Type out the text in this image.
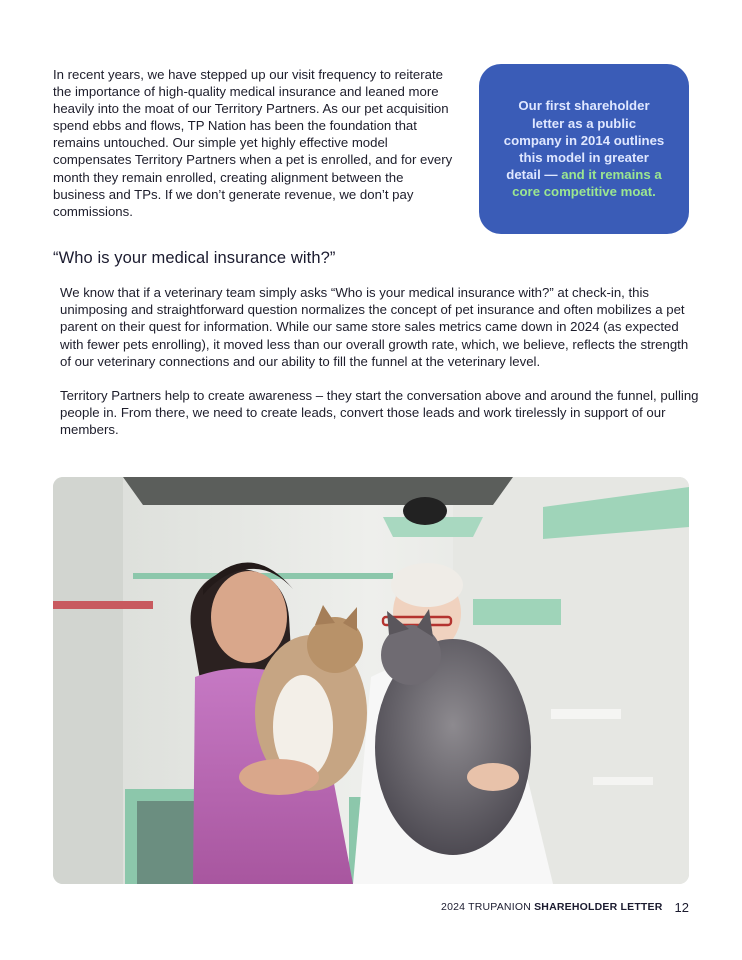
In recent years, we have stepped up our visit frequency to reiterate the importance of high-quality medical insurance and leaned more heavily into the moat of our Territory Partners. As our pet acquisition spend ebbs and flows, TP Nation has been the foundation that remains untouched. Our simple yet highly effective model compensates Territory Partners when a pet is enrolled, and for every month they remain enrolled, creating alignment between the business and TPs. If we don’t generate revenue, we don’t pay commissions.

Our first shareholder letter as a public company in 2014 outlines this model in greater detail — and it remains a core competitive moat.

“Who is your medical insurance with?”

We know that if a veterinary team simply asks “Who is your medical insurance with?” at check-in, this unimposing and straightforward question normalizes the concept of pet insurance and often mobilizes a pet parent on their quest for information. While our same store sales metrics came down in 2024 (as expected with fewer pets enrolling), it moved less than our overall growth rate, which, we believe, reflects the strength of our veterinary connections and our ability to fill the funnel at the veterinary level.

Territory Partners help to create awareness – they start the conversation above and around the funnel, pulling people in. From there, we need to create leads, convert those leads and work tirelessly in support of our members.

2024 TRUPANION SHAREHOLDER LETTER 12
